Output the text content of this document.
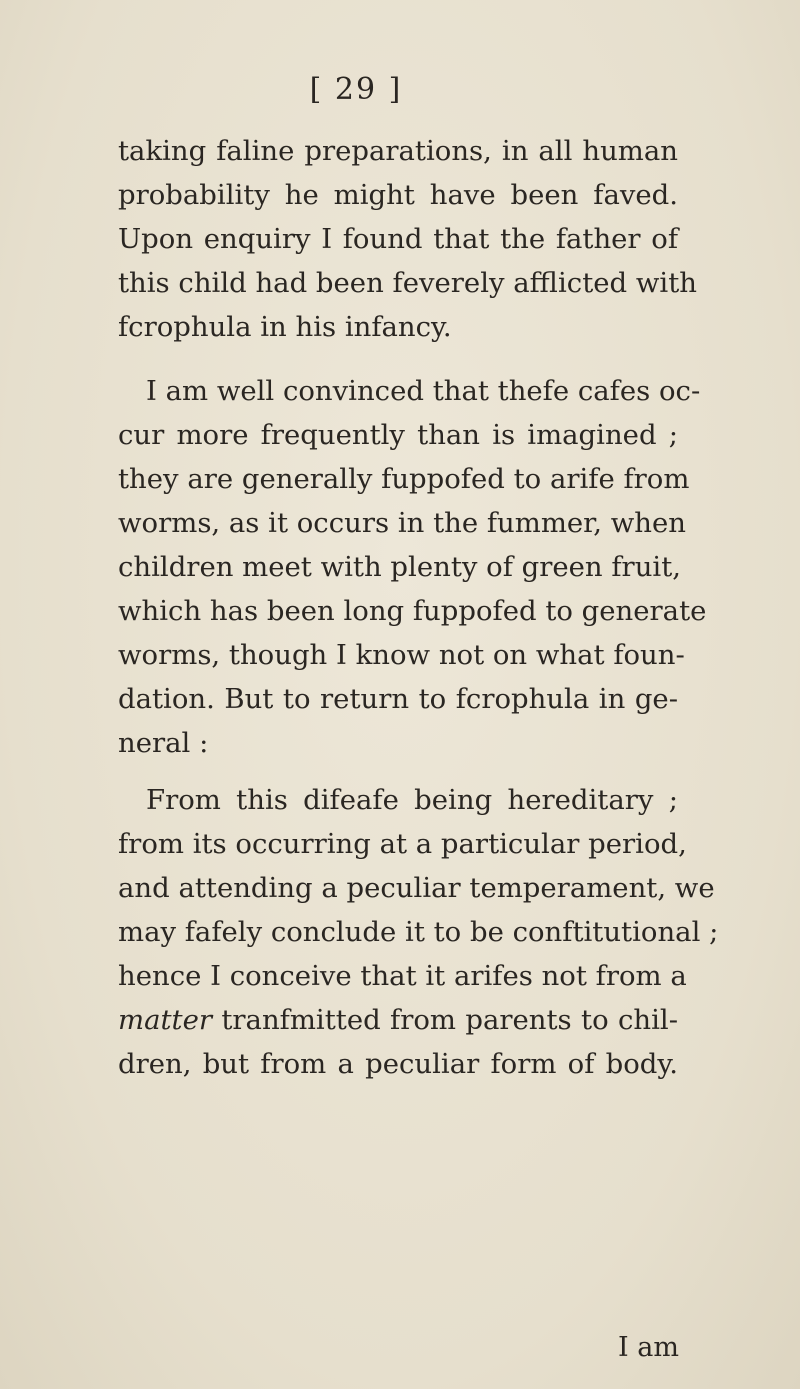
[ 29 ]
taking faline preparations, in all human
probability he might have been faved.
Upon enquiry I found that the father of
this child had been feverely afflicted with
fcrophula in his infancy.
I am well convinced that thefe cafes oc-
cur more frequently than is imagined ;
they are generally fuppofed to arife from
worms, as it occurs in the fummer, when
children meet with plenty of green fruit,
which has been long fuppofed to generate
worms, though I know not on what foun-
dation. But to return to fcrophula in ge-
neral :
From this difeafe being hereditary ;
from its occurring at a particular period,
and attending a peculiar temperament, we
may fafely conclude it to be conftitutional ;
hence I conceive that it arifes not from a
matter tranfmitted from parents to chil-
dren, but from a peculiar form of body.
I am
